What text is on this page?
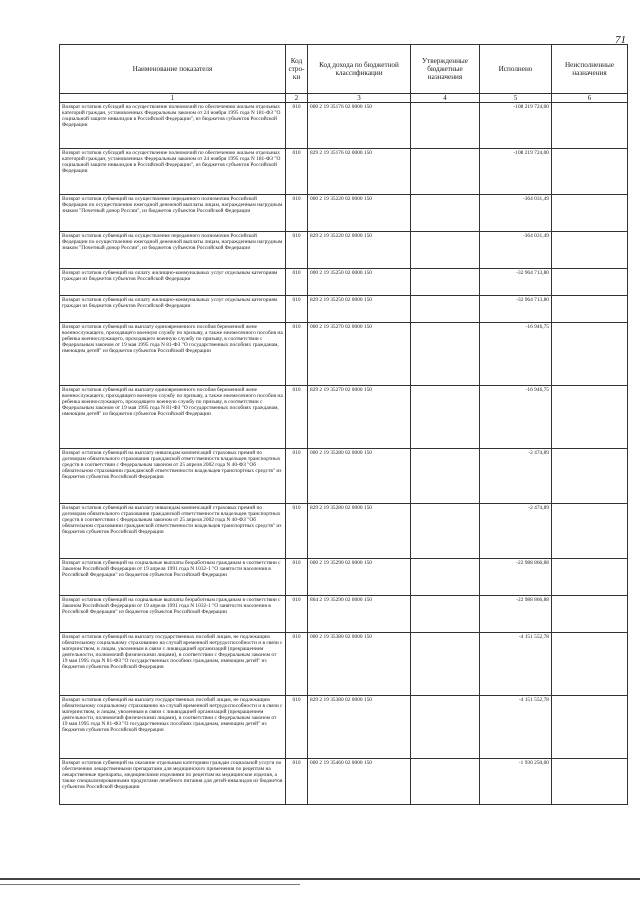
71
Наименование показателя	Код стро-ки	Код дохода по бюджетной классификации	Утвержденные бюджетные назначения	Исполнено	Неисполненные назначения
1	2	3	4	5	6
Возврат остатков субсидий на осуществление полномочий по обеспечению жильем отдельных категорий граждан, установленных Федеральным законом от 24 ноября 1995 года N 181-ФЗ "О социальной защите инвалидов в Российской Федерации", из бюджетов субъектов Российской Федерации	010	000 2 19 35176 02 0000 150		-108 219 724,00	
Возврат остатков субсидий на осуществление полномочий по обеспечению жильем отдельных категорий граждан, установленных Федеральным законом от 24 ноября 1995 года N 181-ФЗ "О социальной защите инвалидов в Российской Федерации", из бюджетов субъектов Российской Федерации	010	829 2 19 35176 02 0000 150		-108 219 724,00	
Возврат остатков субвенций на осуществление переданного полномочия Российской Федерации по осуществлению ежегодной денежной выплаты лицам, награжденным нагрудным знаком "Почетный донор России", из бюджетов субъектов Российской Федерации	010	000 2 19 35220 02 0000 150		-364 031,49	
Возврат остатков субвенций на осуществление переданного полномочия Российской Федерации по осуществлению ежегодной денежной выплаты лицам, награжденным нагрудным знаком "Почетный донор России", из бюджетов субъектов Российской Федерации	010	829 2 19 35220 02 0000 150		-364 031,49	
Возврат остатков субвенций на оплату жилищно-коммунальных услуг отдельным категориям граждан из бюджетов субъектов Российской Федерации	010	000 2 19 35250 02 0000 150		-32 964 713,80	
Возврат остатков субвенций на оплату жилищно-коммунальных услуг отдельным категориям граждан из бюджетов субъектов Российской Федерации	010	829 2 19 35250 02 0000 150		-32 964 713,80	
Возврат остатков субвенций на выплату единовременного пособия беременной жене военнослужащего, проходящего военную службу по призыву, а также ежемесячного пособия на ребенка военнослужащего, проходящего военную службу по призыву, в соответствии с Федеральным законом от 19 мая 1995 года N 81-ФЗ "О государственных пособиях гражданам, имеющим детей" из бюджетов субъектов Российской Федерации	010	000 2 19 35270 02 0000 150		-16 946,75	
Возврат остатков субвенций на выплату единовременного пособия беременной жене военнослужащего, проходящего военную службу по призыву, а также ежемесячного пособия на ребенка военнослужащего, проходящего военную службу по призыву, в соответствии с Федеральным законом от 19 мая 1995 года N 81-ФЗ "О государственных пособиях гражданам, имеющим детей" из бюджетов субъектов Российской Федерации	010	829 2 19 35270 02 0000 150		-16 946,75	
Возврат остатков субвенций на выплату инвалидам компенсаций страховых премий по договорам обязательного страхования гражданской ответственности владельцев транспортных средств в соответствии с Федеральным законом от 25 апреля 2002 года N 40-ФЗ "Об обязательном страховании гражданской ответственности владельцев транспортных средств" из бюджетов субъектов Российской Федерации	010	000 2 19 35280 02 0000 150		-2 474,89	
Возврат остатков субвенций на выплату инвалидам компенсаций страховых премий по договорам обязательного страхования гражданской ответственности владельцев транспортных средств в соответствии с Федеральным законом от 25 апреля 2002 года N 40-ФЗ "Об обязательном страховании гражданской ответственности владельцев транспортных средств" из бюджетов субъектов Российской Федерации	010	829 2 19 35280 02 0000 150		-2 474,89	
Возврат остатков субвенций на социальные выплаты безработным гражданам в соответствии с Законом Российской Федерации от 19 апреля 1991 года N 1032-1 "О занятости населения в Российской Федерации" из бюджетов субъектов Российской Федерации	010	000 2 19 35290 02 0000 150		-22 988 866,88	
Возврат остатков субвенций на социальные выплаты безработным гражданам в соответствии с Законом Российской Федерации от 19 апреля 1991 года N 1032-1 "О занятости населения в Российской Федерации" из бюджетов субъектов Российской Федерации	010	864 2 19 35290 02 0000 150		-22 988 866,88	
Возврат остатков субвенций на выплату государственных пособий лицам, не подлежащим обязательному социальному страхованию на случай временной нетрудоспособности и в связи с материнством, и лицам, уволенным в связи с ликвидацией организаций (прекращением деятельности, полномочий физическими лицами), в соответствии с Федеральным законом от 19 мая 1995 года N 81-ФЗ "О государственных пособиях гражданам, имеющим детей" из бюджетов субъектов Российской Федерации	010	000 2 19 35380 02 0000 150		-4 151 552,78	
Возврат остатков субвенций на выплату государственных пособий лицам, не подлежащим обязательному социальному страхованию на случай временной нетрудоспособности и в связи с материнством, и лицам, уволенным в связи с ликвидацией организаций (прекращением деятельности, полномочий физическими лицами), в соответствии с Федеральным законом от 19 мая 1995 года N 81-ФЗ "О государственных пособиях гражданам, имеющим детей" из бюджетов субъектов Российской Федерации	010	829 2 19 35380 02 0000 150		-4 151 552,78	
Возврат остатков субвенций на оказание отдельным категориям граждан социальной услуги по обеспечению лекарственными препаратами для медицинского применения по рецептам на лекарственные препараты, медицинскими изделиями по рецептам на медицинские изделия, а также специализированными продуктами лечебного питания для детей-инвалидов из бюджетов субъектов Российской Федерации	010	000 2 19 35460 02 0000 150		-1 930 250,00	
